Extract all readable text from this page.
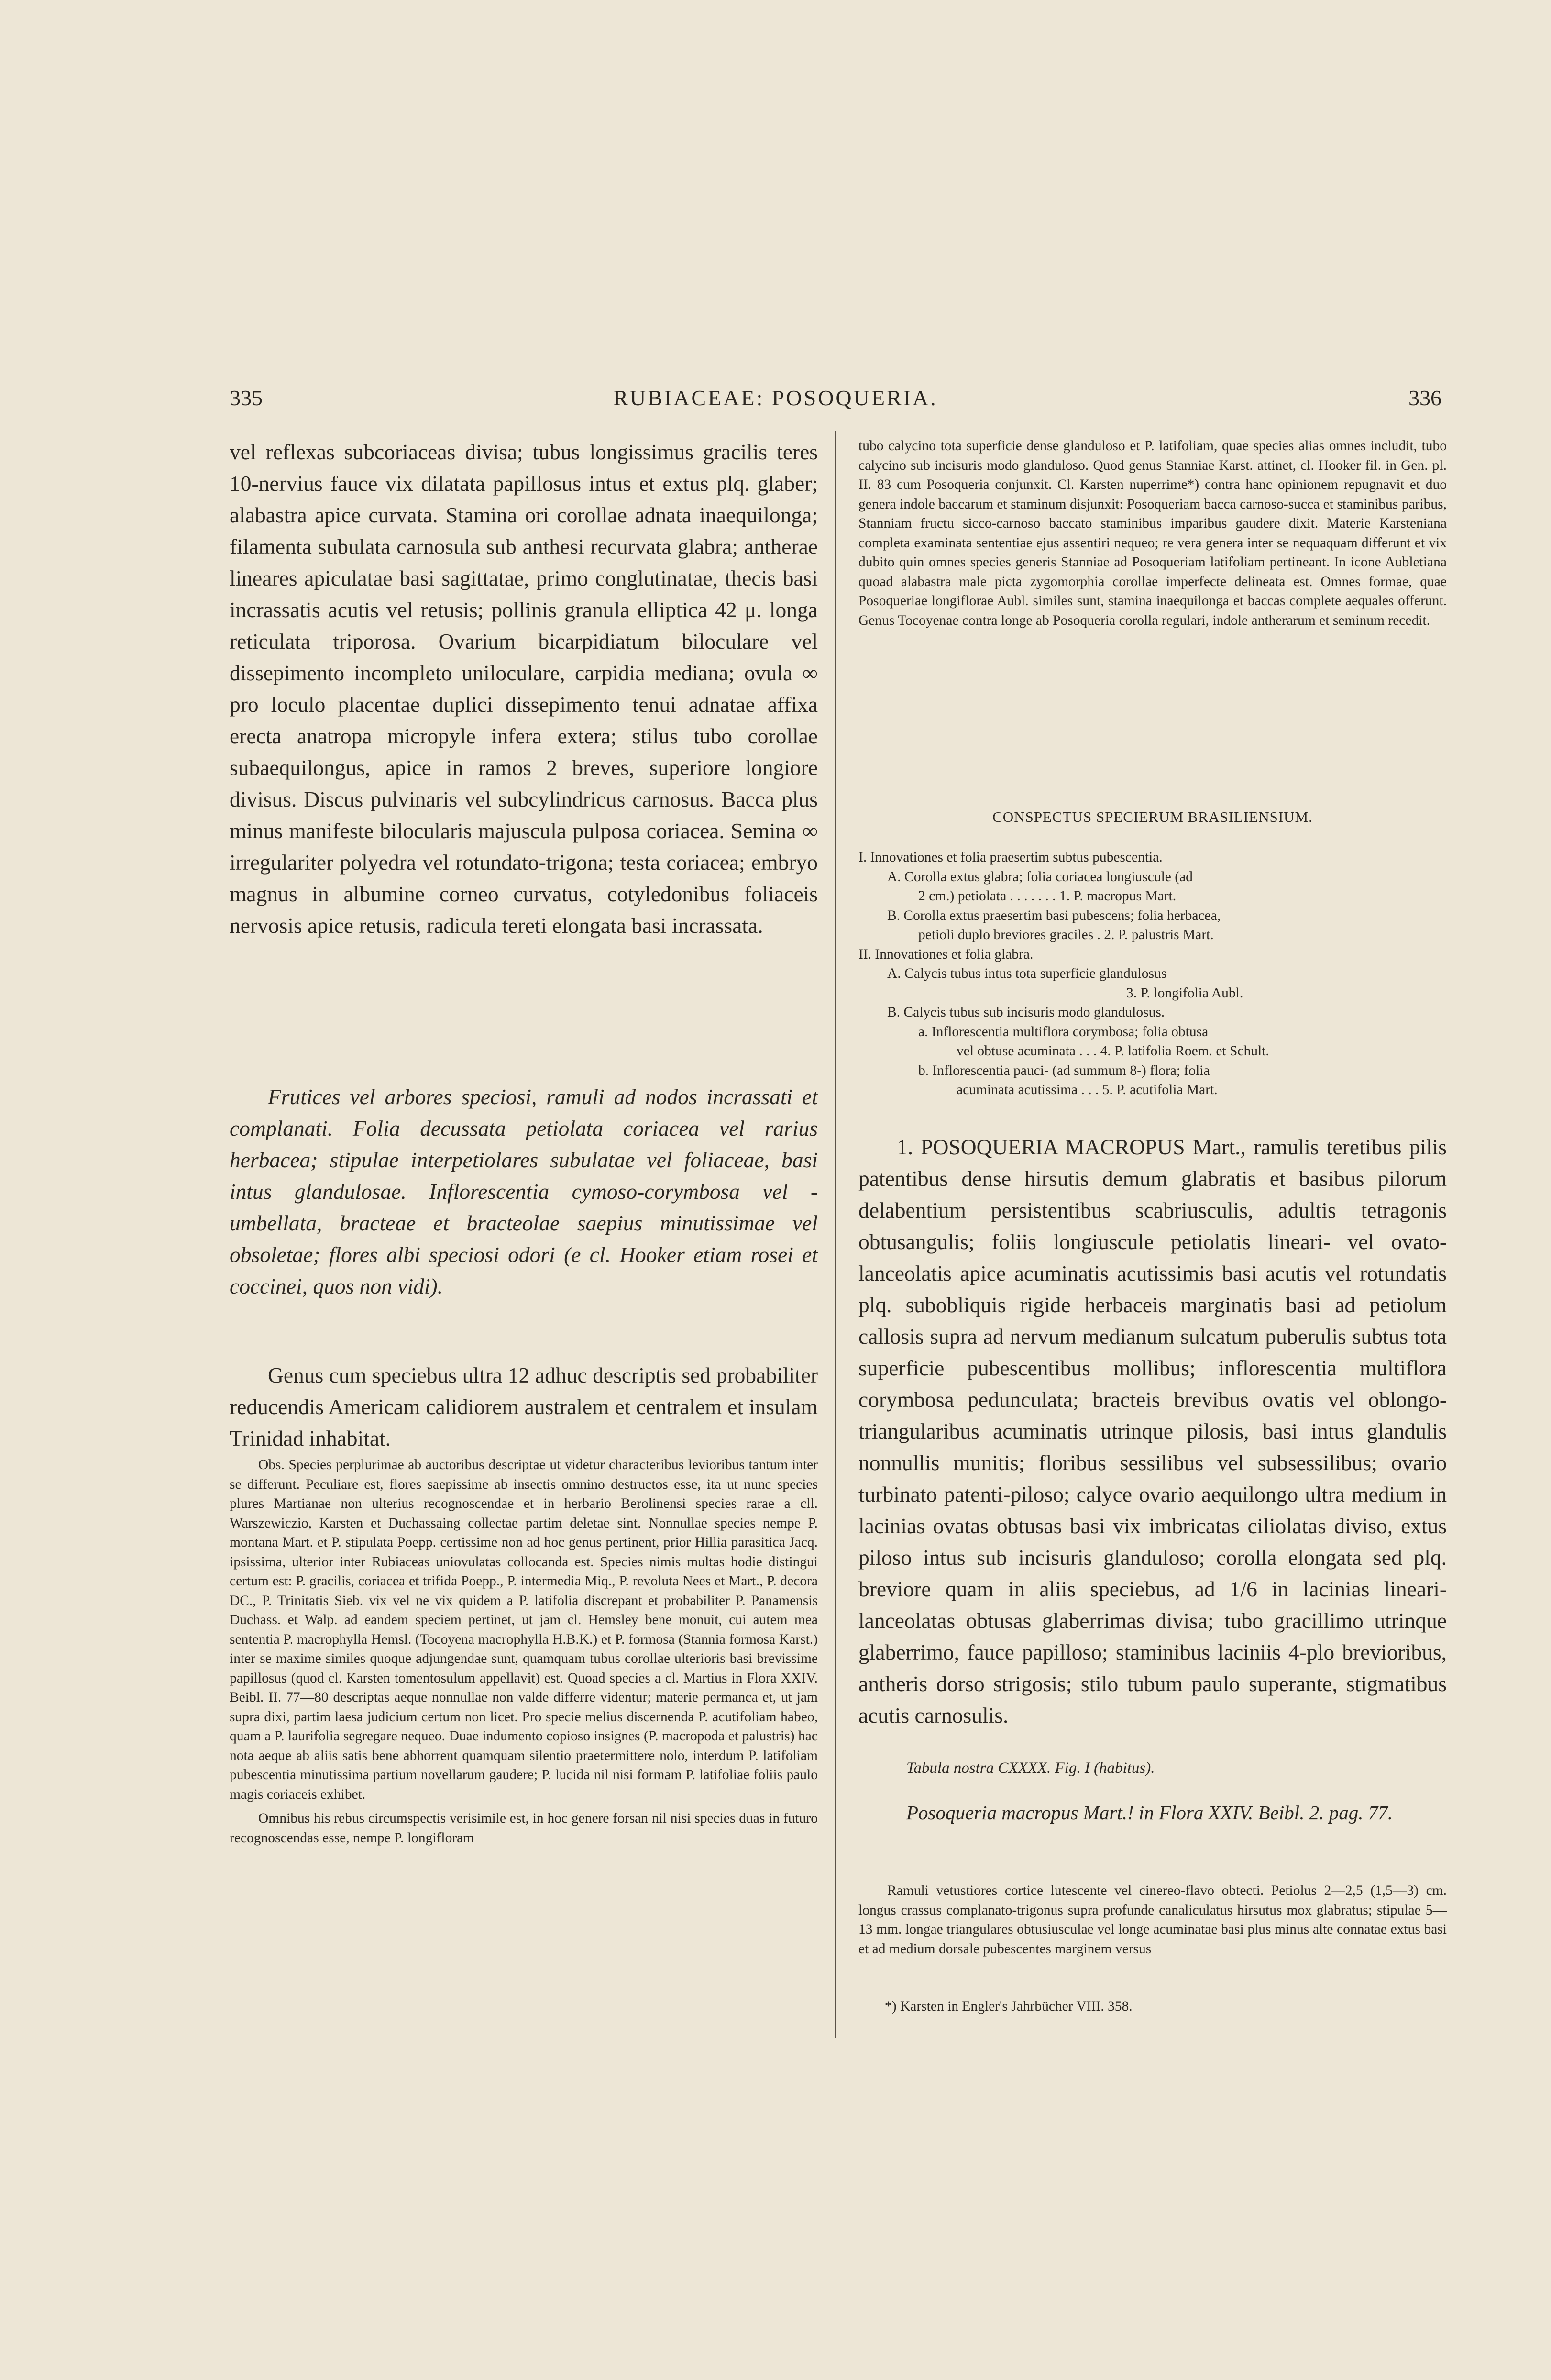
335	RUBIACEAE: POSOQUERIA.	336

vel reflexas subcoriaceas divisa; tubus longissimus gracilis teres 10-nervius fauce vix dilatata papillosus intus et extus plq. glaber; alabastra apice curvata. Stamina ori corollae adnata inaequilonga; filamenta subulata carnosula sub anthesi recurvata glabra; antherae lineares apiculatae basi sagittatae, primo conglutinatae, thecis basi incrassatis acutis vel retusis; pollinis granula elliptica 42 μ. longa reticulata triporosa. Ovarium bicarpidiatum biloculare vel dissepimento incompleto uniloculare, carpidia mediana; ovula ∞ pro loculo placentae duplici dissepimento tenui adnatae affixa erecta anatropa micropyle infera extera; stilus tubo corollae subaequilongus, apice in ramos 2 breves, superiore longiore divisus. Discus pulvinaris vel subcylindricus carnosus. Bacca plus minus manifeste bilocularis majuscula pulposa coriacea. Semina ∞ irregulariter polyedra vel rotundato-trigona; testa coriacea; embryo magnus in albumine corneo curvatus, cotyledonibus foliaceis nervosis apice retusis, radicula tereti elongata basi incrassata.

Frutices vel arbores speciosi, ramuli ad nodos incrassati et complanati. Folia decussata petiolata coriacea vel rarius herbacea; stipulae interpetiolares subulatae vel foliaceae, basi intus glandulosae. Inflorescentia cymoso-corymbosa vel -umbellata, bracteae et bracteolae saepius minutissimae vel obsoletae; flores albi speciosi odori (e cl. Hooker etiam rosei et coccinei, quos non vidi).

Genus cum speciebus ultra 12 adhuc descriptis sed probabiliter reducendis Americam calidiorem australem et centralem et insulam Trinidad inhabitat.

Obs. Species perplurimae ab auctoribus descriptae ut videtur characteribus levioribus tantum inter se differunt. Peculiare est, flores saepissime ab insectis omnino destructos esse, ita ut nunc species plures Martianae non ulterius recognoscendae et in herbario Berolinensi species rarae a cll. Warszewiczio, Karsten et Duchassaing collectae partim deletae sint. Nonnullae species nempe P. montana Mart. et P. stipulata Poepp. certissime non ad hoc genus pertinent, prior Hillia parasitica Jacq. ipsissima, ulterior inter Rubiaceas uniovulatas collocanda est. Species nimis multas hodie distingui certum est: P. gracilis, coriacea et trifida Poepp., P. intermedia Miq., P. revoluta Nees et Mart., P. decora DC., P. Trinitatis Sieb. vix vel ne vix quidem a P. latifolia discrepant et probabiliter P. Panamensis Duchass. et Walp. ad eandem speciem pertinet, ut jam cl. Hemsley bene monuit, cui autem mea sententia P. macrophylla Hemsl. (Tocoyena macrophylla H.B.K.) et P. formosa (Stannia formosa Karst.) inter se maxime similes quoque adjungendae sunt, quamquam tubus corollae ulterioris basi brevissime papillosus (quod cl. Karsten tomentosulum appellavit) est. Quoad species a cl. Martius in Flora XXIV. Beibl. II. 77—80 descriptas aeque nonnullae non valde differre videntur; materie permanca et, ut jam supra dixi, partim laesa judicium certum non licet. Pro specie melius discernenda P. acutifoliam habeo, quam a P. laurifolia segregare nequeo. Duae indumento copioso insignes (P. macropoda et palustris) hac nota aeque ab aliis satis bene abhorrent quamquam silentio praetermittere nolo, interdum P. latifoliam pubescentia minutissima partium novellarum gaudere; P. lucida nil nisi formam P. latifoliae foliis paulo magis coriaceis exhibet.

Omnibus his rebus circumspectis verisimile est, in hoc genere forsan nil nisi species duas in futuro recognoscendas esse, nempe P. longifloram

tubo calycino tota superficie dense glanduloso et P. latifoliam, quae species alias omnes includit, tubo calycino sub incisuris modo glanduloso. Quod genus Stanniae Karst. attinet, cl. Hooker fil. in Gen. pl. II. 83 cum Posoqueria conjunxit. Cl. Karsten nuperrime*) contra hanc opinionem repugnavit et duo genera indole baccarum et staminum disjunxit: Posoqueriam bacca carnoso-succa et staminibus paribus, Stanniam fructu sicco-carnoso baccato staminibus imparibus gaudere dixit. Materie Karsteniana completa examinata sententiae ejus assentiri nequeo; re vera genera inter se nequaquam differunt et vix dubito quin omnes species generis Stanniae ad Posoqueriam latifoliam pertineant. In icone Aubletiana quoad alabastra male picta zygomorphia corollae imperfecte delineata est. Omnes formae, quae Posoqueriae longiflorae Aubl. similes sunt, stamina inaequilonga et baccas complete aequales offerunt. Genus Tocoyenae contra longe ab Posoqueria corolla regulari, indole antherarum et seminum recedit.

CONSPECTUS SPECIERUM BRASILIENSIUM.
I. Innovationes et folia praesertim subtus pubescentia.
A. Corolla extus glabra; folia coriacea longiuscule (ad
2 cm.) petiolata . . . . . . . 1. P. macropus Mart.
B. Corolla extus praesertim basi pubescens; folia herbacea,
petioli duplo breviores graciles . 2. P. palustris Mart.
II. Innovationes et folia glabra.
A. Calycis tubus intus tota superficie glandulosus
3. P. longifolia Aubl.
B. Calycis tubus sub incisuris modo glandulosus.
a. Inflorescentia multiflora corymbosa; folia obtusa
vel obtuse acuminata . . . 4. P. latifolia Roem. et Schult.
b. Inflorescentia pauci- (ad summum 8-) flora; folia
acuminata acutissima . . . 5. P. acutifolia Mart.

1. POSOQUERIA MACROPUS Mart., ramulis teretibus pilis patentibus dense hirsutis demum glabratis et basibus pilorum delabentium persistentibus scabriusculis, adultis tetragonis obtusangulis; foliis longiuscule petiolatis lineari- vel ovato-lanceolatis apice acuminatis acutissimis basi acutis vel rotundatis plq. subobliquis rigide herbaceis marginatis basi ad petiolum callosis supra ad nervum medianum sulcatum puberulis subtus tota superficie pubescentibus mollibus; inflorescentia multiflora corymbosa pedunculata; bracteis brevibus ovatis vel oblongo-triangularibus acuminatis utrinque pilosis, basi intus glandulis nonnullis munitis; floribus sessilibus vel subsessilibus; ovario turbinato patenti-piloso; calyce ovario aequilongo ultra medium in lacinias ovatas obtusas basi vix imbricatas ciliolatas diviso, extus piloso intus sub incisuris glanduloso; corolla elongata sed plq. breviore quam in aliis speciebus, ad 1/6 in lacinias lineari-lanceolatas obtusas glaberrimas divisa; tubo gracillimo utrinque glaberrimo, fauce papilloso; staminibus laciniis 4-plo brevioribus, antheris dorso strigosis; stilo tubum paulo superante, stigmatibus acutis carnosulis.

Tabula nostra CXXXX. Fig. I (habitus).
Posoqueria macropus Mart.! in Flora XXIV. Beibl. 2. pag. 77.

Ramuli vetustiores cortice lutescente vel cinereo-flavo obtecti. Petiolus 2—2,5 (1,5—3) cm. longus crassus complanato-trigonus supra profunde canaliculatus hirsutus mox glabratus; stipulae 5—13 mm. longae triangulares obtusiusculae vel longe acuminatae basi plus minus alte connatae extus basi et ad medium dorsale pubescentes marginem versus

*) Karsten in Engler's Jahrbücher VIII. 358.
